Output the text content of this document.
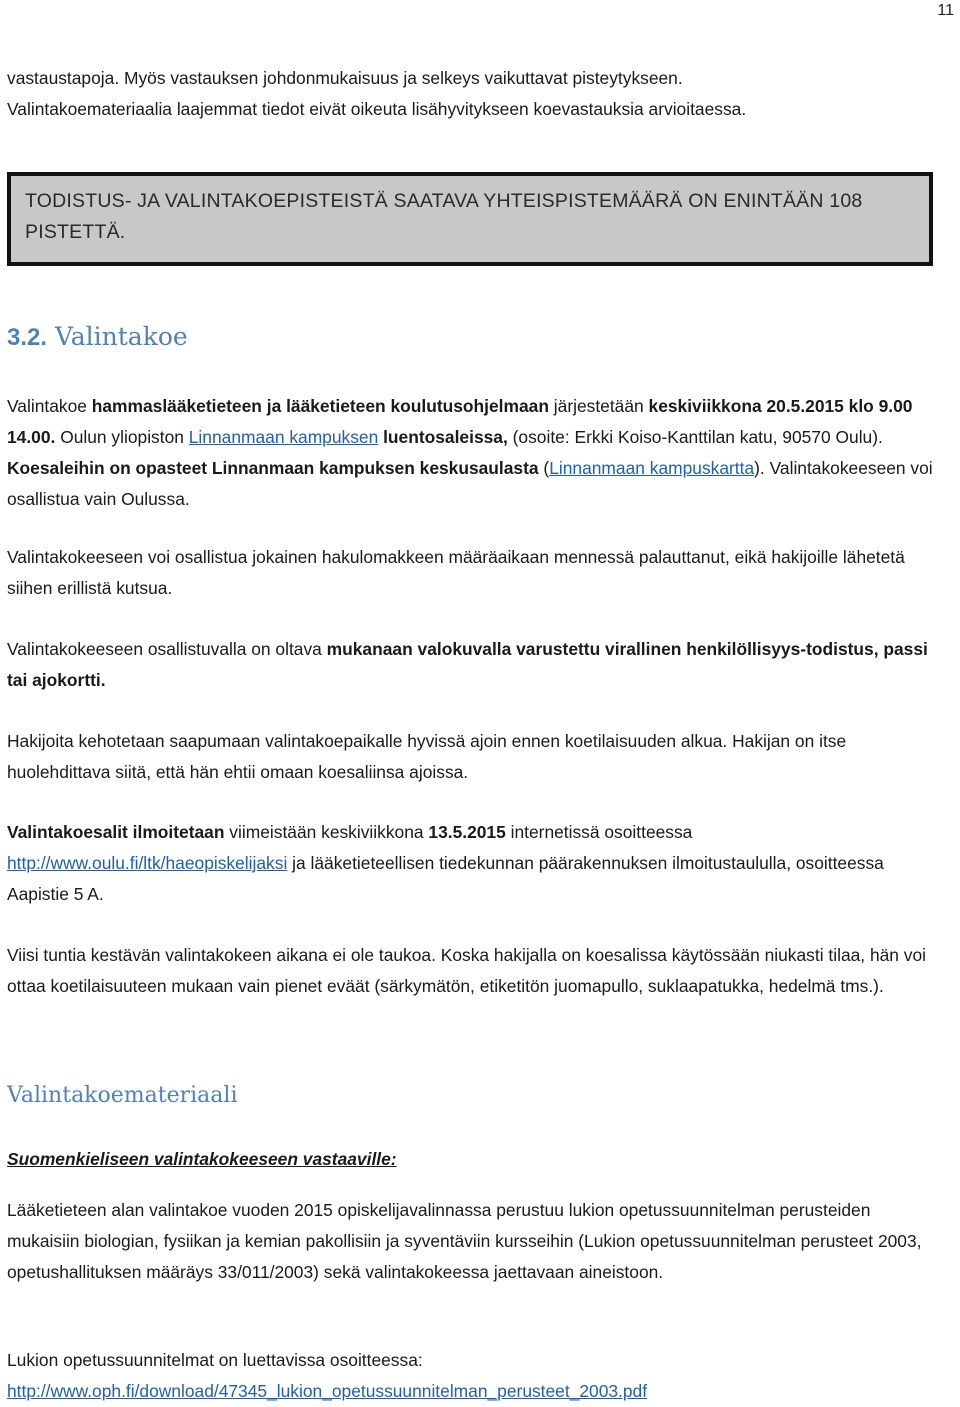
11

vastaustapoja. Myös vastauksen johdonmukaisuus ja selkeys vaikuttavat pisteytykseen.

Valintakoemateriaalia laajemmat tiedot eivät oikeuta lisähyvitykseen koevastauksia arvioitaessa.

TODISTUS- JA VALINTAKOEPISTEISTÄ SAATAVA YHTEISPISTEMÄÄRÄ ON ENINTÄÄN 108 PISTETTÄ.

3.2. Valintakoe

Valintakoe hammaslääketieteen ja lääketieteen koulutusohjelmaan järjestetään keskiviikkona 20.5.2015 klo 9.00 14.00. Oulun yliopiston Linnanmaan kampuksen luentosaleissa, (osoite: Erkki Koiso-Kanttilan katu, 90570 Oulu). Koesaleihin on opasteet Linnanmaan kampuksen keskusaulasta (Linnanmaan kampuskartta). Valintakokeeseen voi osallistua vain Oulussa.

Valintakokeeseen voi osallistua jokainen hakulomakkeen määräaikaan mennessä palauttanut, eikä hakijoille lähetetä siihen erillistä kutsua.

Valintakokeeseen osallistuvalla on oltava mukanaan valokuvalla varustettu virallinen henkilöllisyys-todistus, passi tai ajokortti.

Hakijoita kehotetaan saapumaan valintakoepaikalle hyvissä ajoin ennen koetilaisuuden alkua. Hakijan on itse huolehdittava siitä, että hän ehtii omaan koesaliinsa ajoissa.

Valintakoesalit ilmoitetaan viimeistään keskiviikkona 13.5.2015 internetissä osoitteessa http://www.oulu.fi/ltk/haeopiskelijaksi ja lääketieteellisen tiedekunnan päärakennuksen ilmoitustaululla, osoitteessa Aapistie 5 A.

Viisi tuntia kestävän valintakokeen aikana ei ole taukoa. Koska hakijalla on koesalissa käytössään niukasti tilaa, hän voi ottaa koetilaisuuteen mukaan vain pienet eväät (särkymätön, etiketitön juomapullo, suklaapatukka, hedelmä tms.).

Valintakoemateriaali

Suomenkieliseen valintakokeeseen vastaaville:

Lääketieteen alan valintakoe vuoden 2015 opiskelijavalinnassa perustuu lukion opetussuunnitelman perusteiden mukaisiin biologian, fysiikan ja kemian pakollisiin ja syventäviin kursseihin (Lukion opetussuunnitelman perusteet 2003, opetushallituksen määräys 33/011/2003) sekä valintakokeessa jaettavaan aineistoon.

Lukion opetussuunnitelmat on luettavissa osoitteessa:

http://www.oph.fi/download/47345_lukion_opetussuunnitelman_perusteet_2003.pdf
